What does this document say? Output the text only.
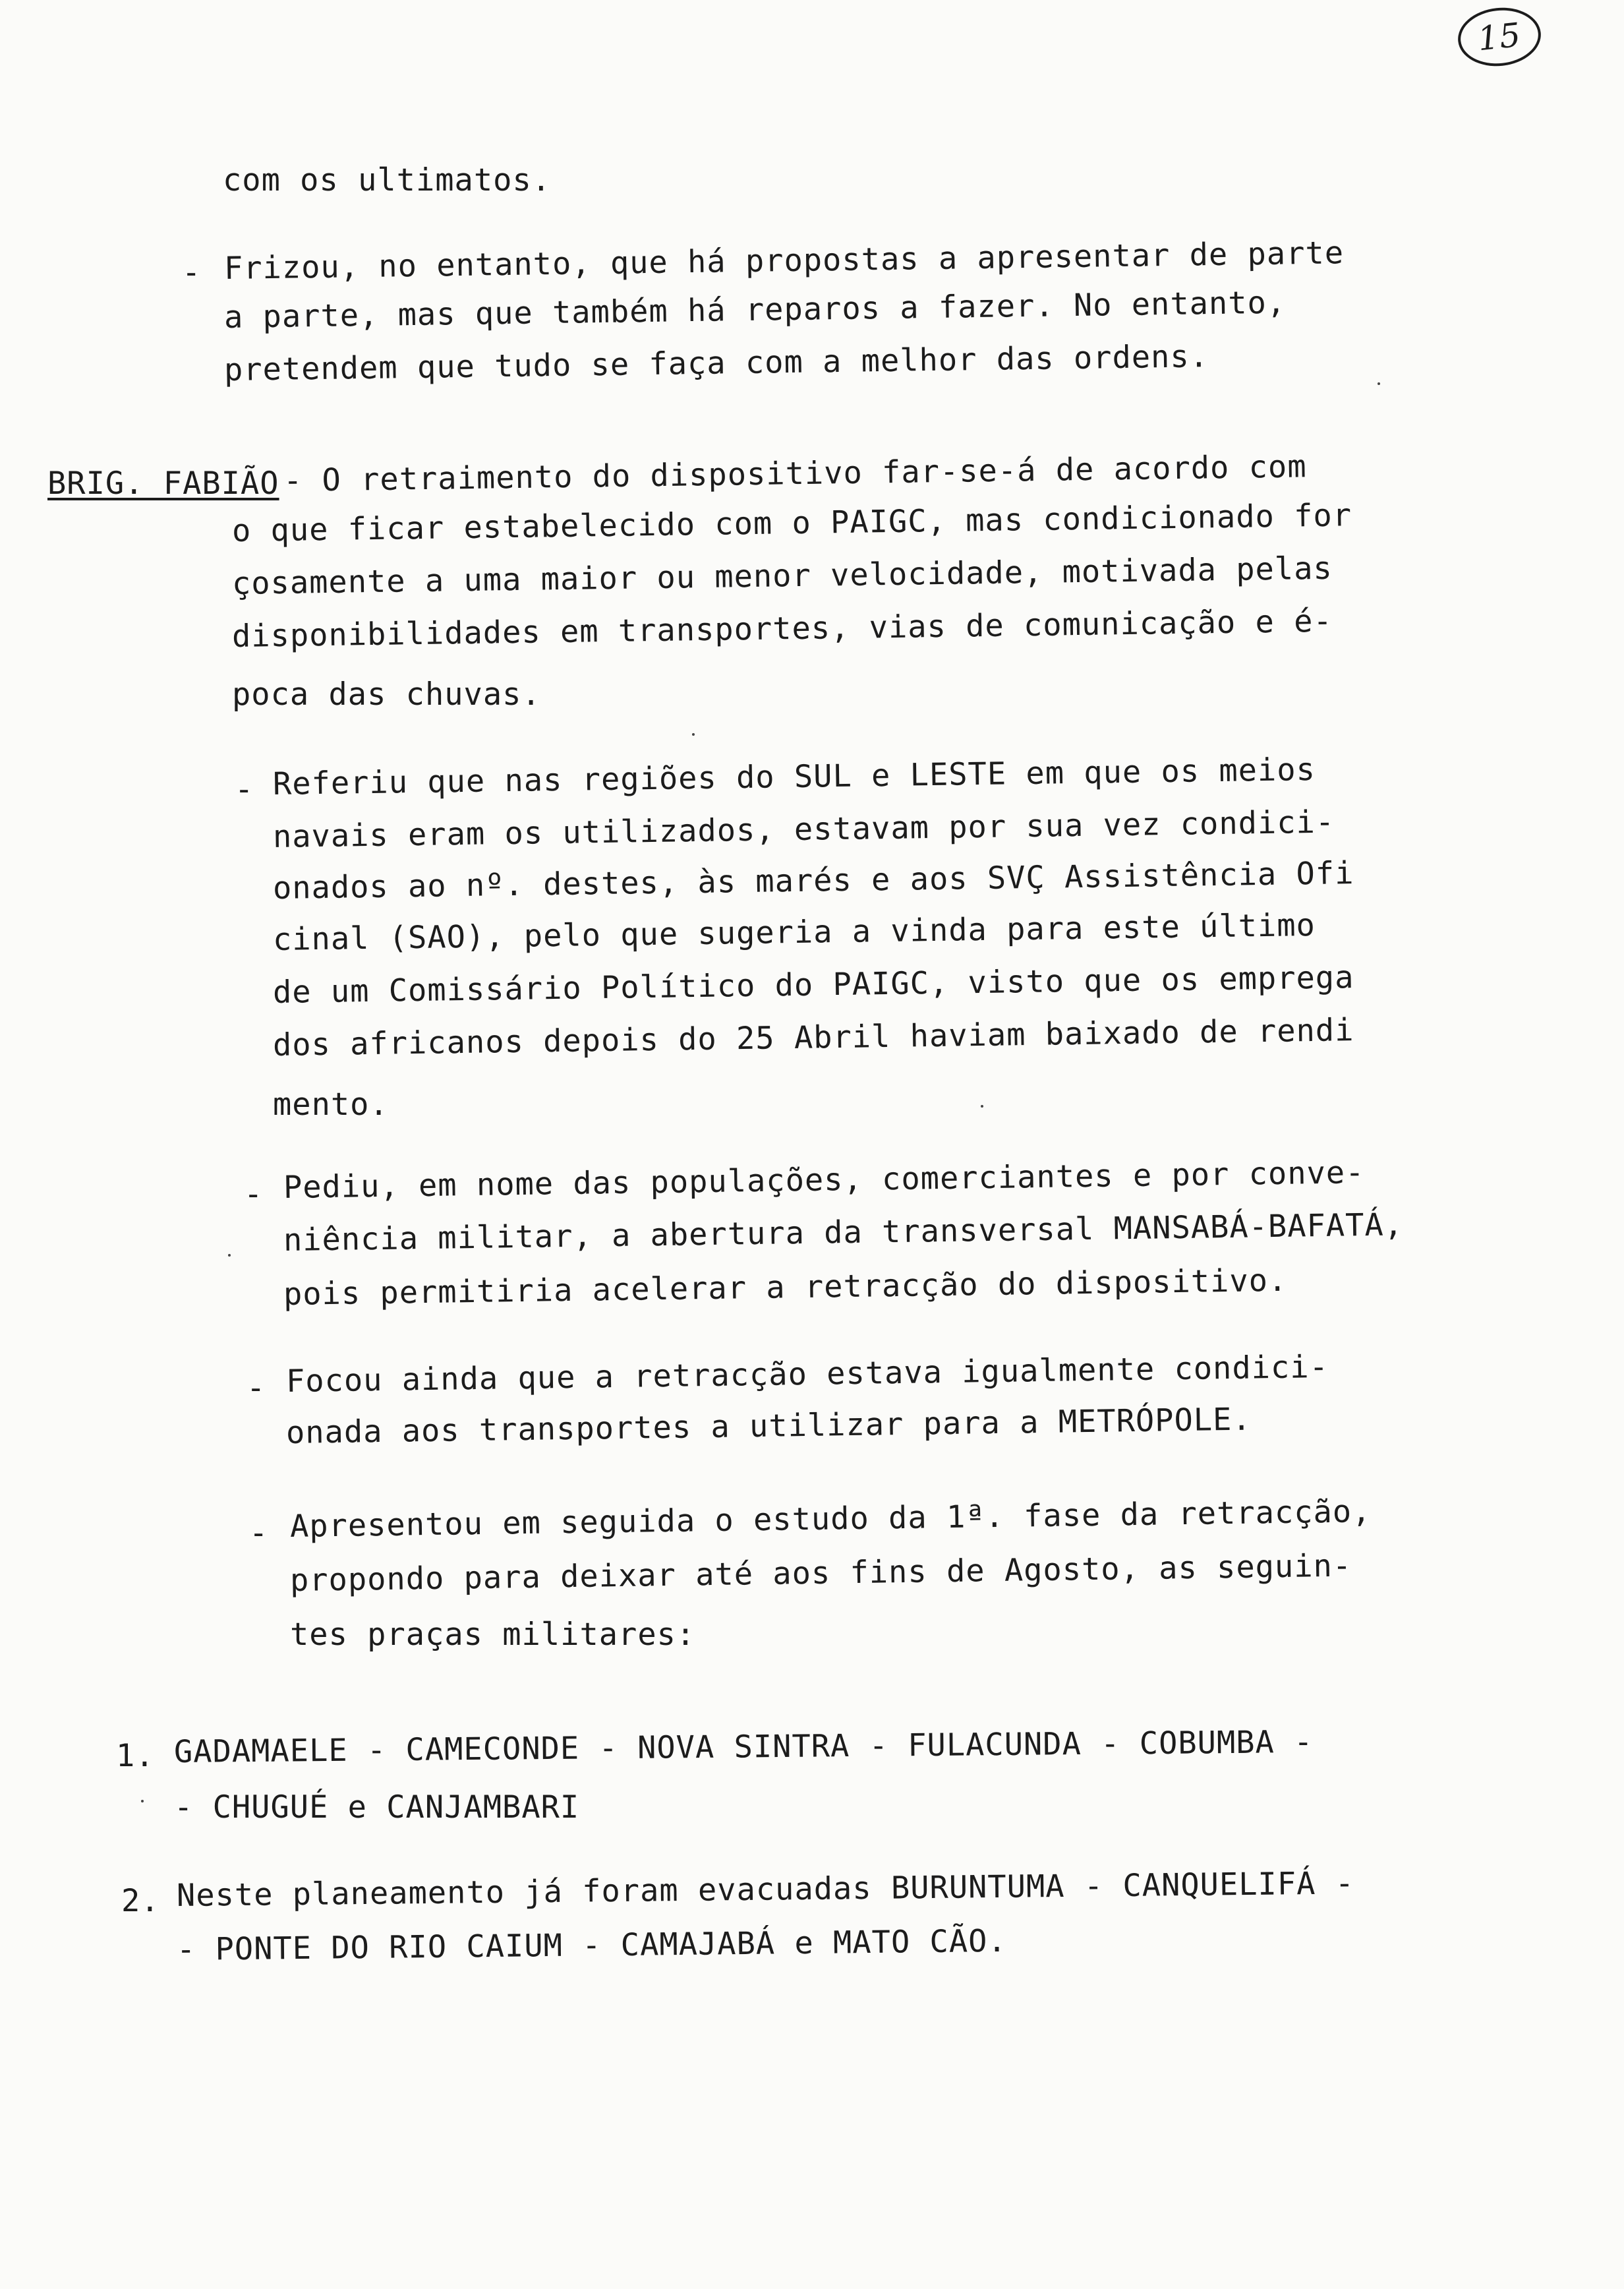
15
com os ultimatos.
- Frizou, no entanto, que há propostas a apresentar de parte
a parte, mas que também há reparos a fazer. No entanto,
pretendem que tudo se faça com a melhor das ordens.
BRIG. FABIÃO - O retraimento do dispositivo far-se-á de acordo com
o que ficar estabelecido com o PAIGC, mas condicionado for
çosamente a uma maior ou menor velocidade, motivada pelas
disponibilidades em transportes, vias de comunicação e é-
poca das chuvas.
- Referiu que nas regiões do SUL e LESTE em que os meios
navais eram os utilizados, estavam por sua vez condici-
onados ao nº. destes, às marés e aos SVÇ Assistência Ofi
cinal (SAO), pelo que sugeria a vinda para este último
de um Comissário Político do PAIGC, visto que os emprega
dos africanos depois do 25 Abril haviam baixado de rendi
mento.
- Pediu, em nome das populações, comerciantes e por conve-
niência militar, a abertura da transversal MANSABÁ-BAFATÁ,
pois permitiria acelerar a retracção do dispositivo.
- Focou ainda que a retracção estava igualmente condici-
onada aos transportes a utilizar para a METRÓPOLE.
- Apresentou em seguida o estudo da 1ª. fase da retracção,
propondo para deixar até aos fins de Agosto, as seguin-
tes praças militares:
1. GADAMAELE - CAMECONDE - NOVA SINTRA - FULACUNDA - COBUMBA -
- CHUGUÉ e CANJAMBARI
2. Neste planeamento já foram evacuadas BURUNTUMA - CANQUELIFÁ -
- PONTE DO RIO CAIUM - CAMAJABÁ e MATO CÃO.
